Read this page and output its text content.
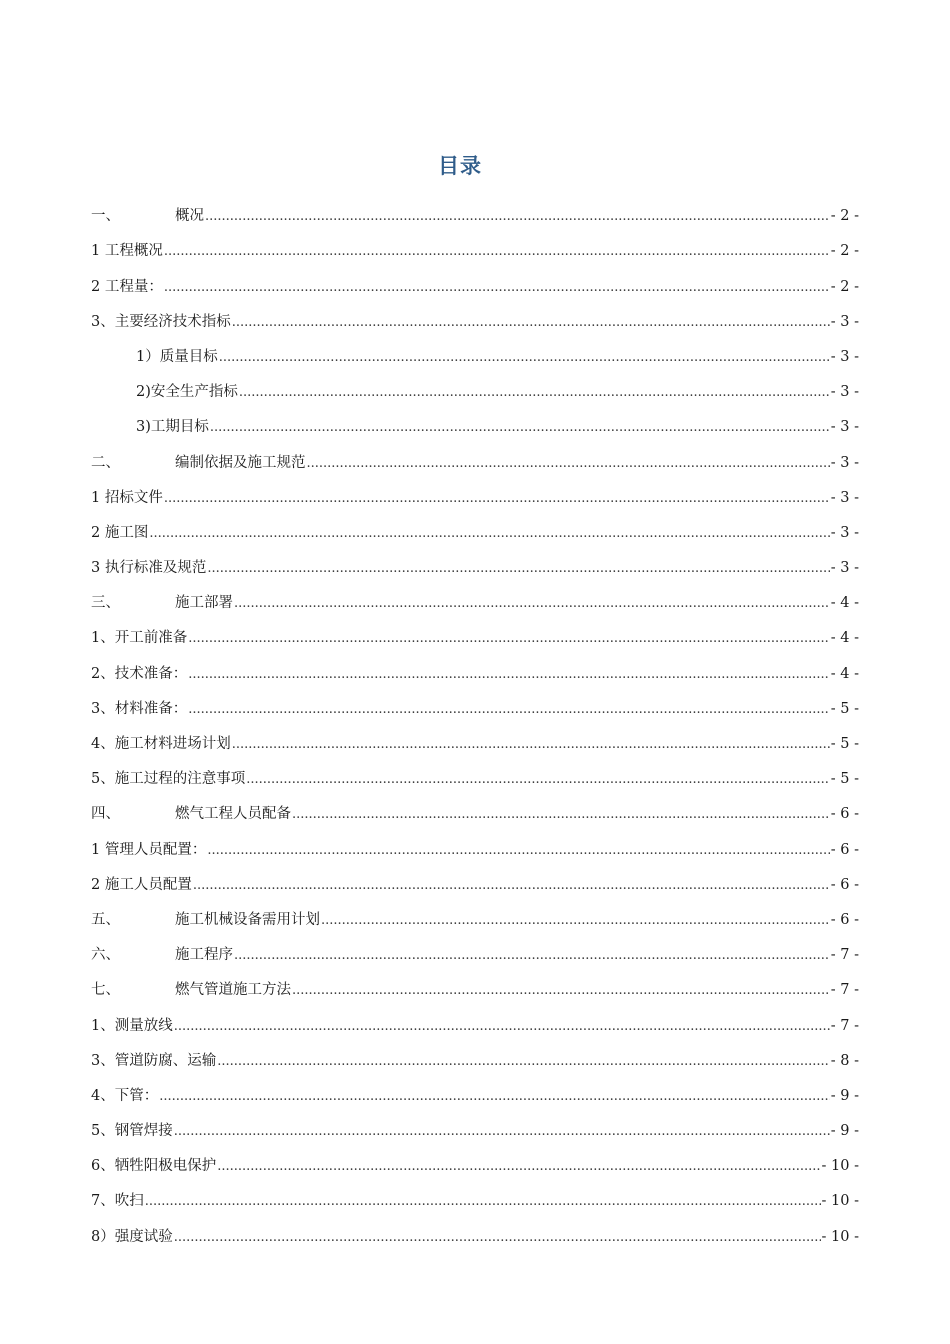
目录
一、	概况 .....	- 2 -
1 工程概况 .....	- 2 -
2 工程量： .....	- 2 -
3、主要经济技术指标 .....	- 3 -
1）质量目标 .....	- 3 -
2)安全生产指标 .....	- 3 -
3)工期目标 .....	- 3 -
二、	编制依据及施工规范 .....	- 3 -
1 招标文件 .....	- 3 -
2 施工图 .....	- 3 -
3 执行标准及规范 .....	- 3 -
三、	施工部署 .....	- 4 -
1、开工前准备 .....	- 4 -
2、技术准备： .....	- 4 -
3、材料准备： .....	- 5 -
4、施工材料进场计划 .....	- 5 -
5、施工过程的注意事项 .....	- 5 -
四、	燃气工程人员配备 .....	- 6 -
1 管理人员配置： .....	- 6 -
2 施工人员配置 .....	- 6 -
五、	施工机械设备需用计划 .....	- 6 -
六、	施工程序 .....	- 7 -
七、	燃气管道施工方法 .....	- 7 -
1、测量放线 .....	- 7 -
3、管道防腐、运输 .....	- 8 -
4、下管： .....	- 9 -
5、钢管焊接 .....	- 9 -
6、牺牲阳极电保护 .....	- 10 -
7、吹扫 .....	- 10 -
8）强度试验 .....	- 10 -
